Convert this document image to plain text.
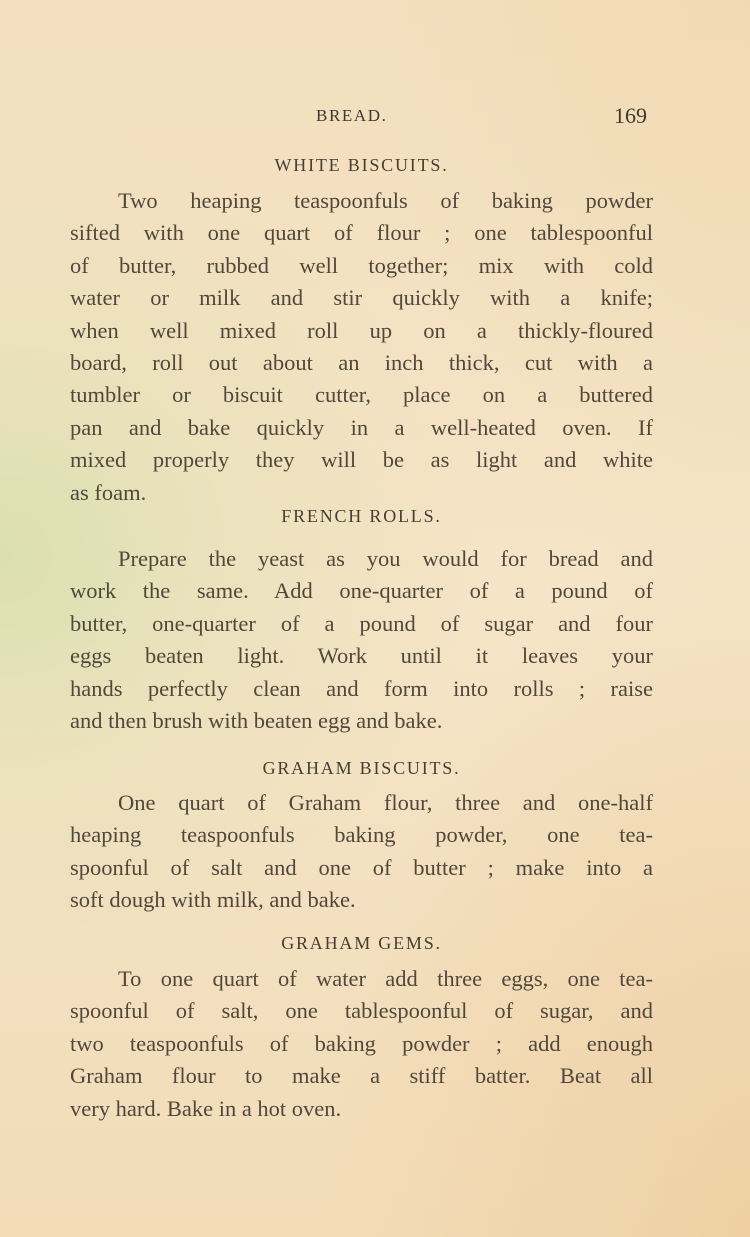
BREAD.	169
WHITE BISCUITS.
Two heaping teaspoonfuls of baking powder
sifted with one quart of flour ; one tablespoonful
of butter, rubbed well together; mix with cold
water or milk and stir quickly with a knife;
when well mixed roll up on a thickly-floured
board, roll out about an inch thick, cut with a
tumbler or biscuit cutter, place on a buttered
pan and bake quickly in a well-heated oven. If
mixed properly they will be as light and white
as foam.
FRENCH ROLLS.
Prepare the yeast as you would for bread and
work the same. Add one-quarter of a pound of
butter, one-quarter of a pound of sugar and four
eggs beaten light. Work until it leaves your
hands perfectly clean and form into rolls ; raise
and then brush with beaten egg and bake.
GRAHAM BISCUITS.
One quart of Graham flour, three and one-half
heaping teaspoonfuls baking powder, one tea-
spoonful of salt and one of butter ; make into a
soft dough with milk, and bake.
GRAHAM GEMS.
To one quart of water add three eggs, one tea-
spoonful of salt, one tablespoonful of sugar, and
two teaspoonfuls of baking powder ; add enough
Graham flour to make a stiff batter. Beat all
very hard. Bake in a hot oven.
